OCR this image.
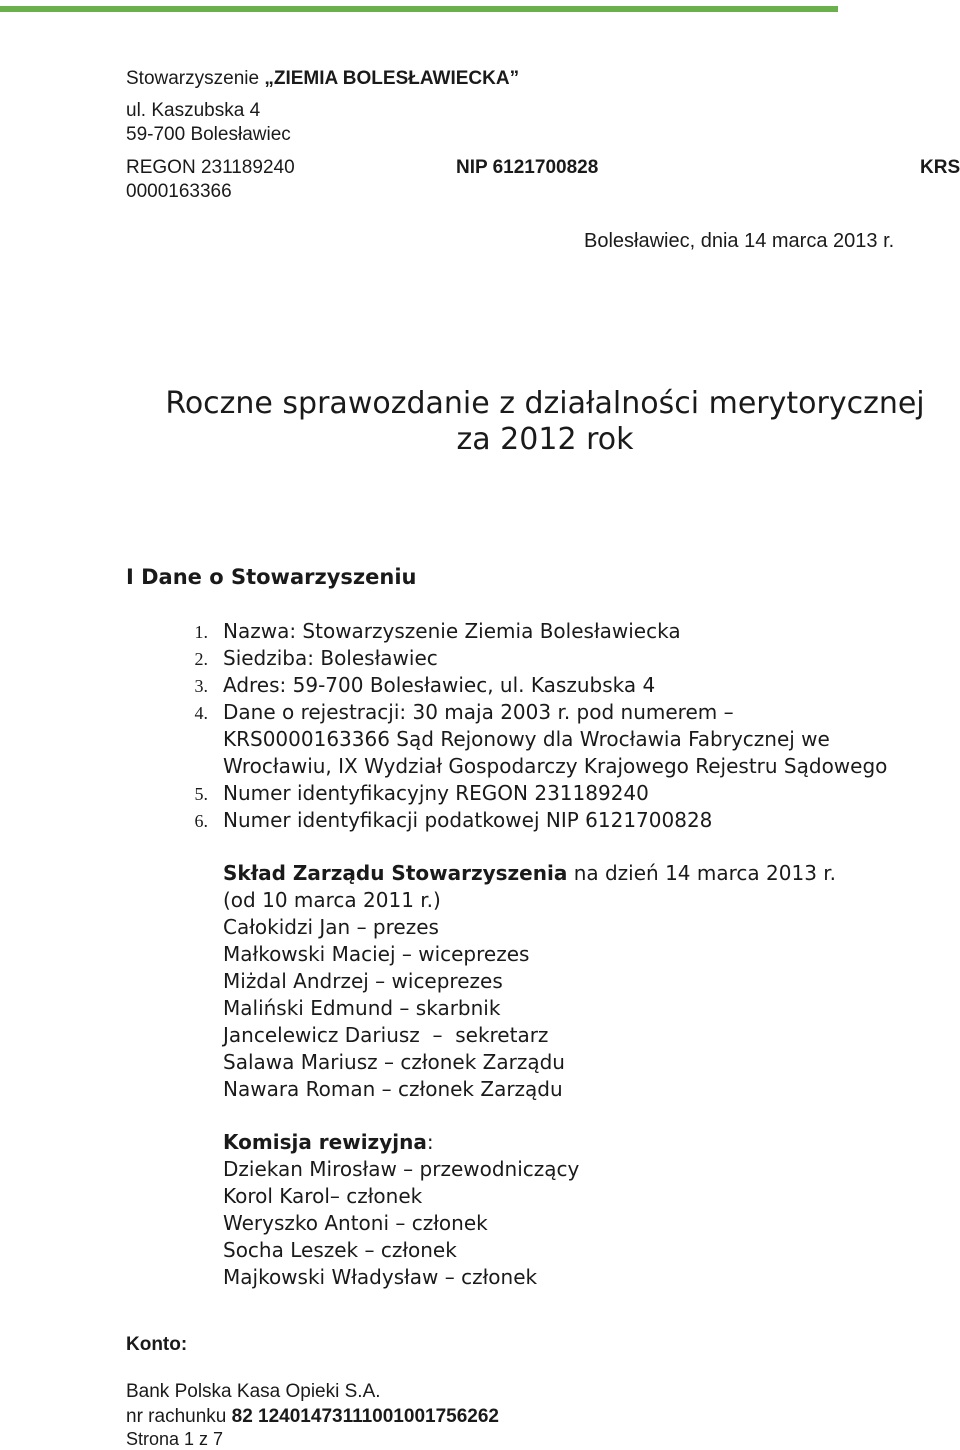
Stowarzyszenie „ZIEMIA BOLESŁAWIECKA”
ul. Kaszubska 4
59-700 Bolesławiec
REGON 231189240	NIP 6121700828	KRS
0000163366
Bolesławiec, dnia 14 marca 2013 r.
Roczne sprawozdanie z działalności merytorycznej
za 2012 rok
I Dane o Stowarzyszeniu
1. Nazwa: Stowarzyszenie Ziemia Bolesławiecka
2. Siedziba: Bolesławiec
3. Adres: 59-700 Bolesławiec, ul. Kaszubska 4
4. Dane o rejestracji: 30 maja 2003 r. pod numerem –
KRS0000163366 Sąd Rejonowy dla Wrocławia Fabrycznej we
Wrocławiu, IX Wydział Gospodarczy Krajowego Rejestru Sądowego
5. Numer identyfikacyjny REGON 231189240
6. Numer identyfikacji podatkowej NIP 6121700828
Skład Zarządu Stowarzyszenia na dzień 14 marca 2013 r.
(od 10 marca 2011 r.)
Całokidzi Jan – prezes
Małkowski Maciej – wiceprezes
Miżdal Andrzej – wiceprezes
Maliński Edmund – skarbnik
Jancelewicz Dariusz  –  sekretarz
Salawa Mariusz – członek Zarządu
Nawara Roman – członek Zarządu
Komisja rewizyjna:
Dziekan Mirosław – przewodniczący
Korol Karol– członek
Weryszko Antoni – członek
Socha Leszek – członek
Majkowski Władysław – członek
Konto:
Bank Polska Kasa Opieki S.A.
nr rachunku 82 12401473111001001756262
Strona 1 z 7
